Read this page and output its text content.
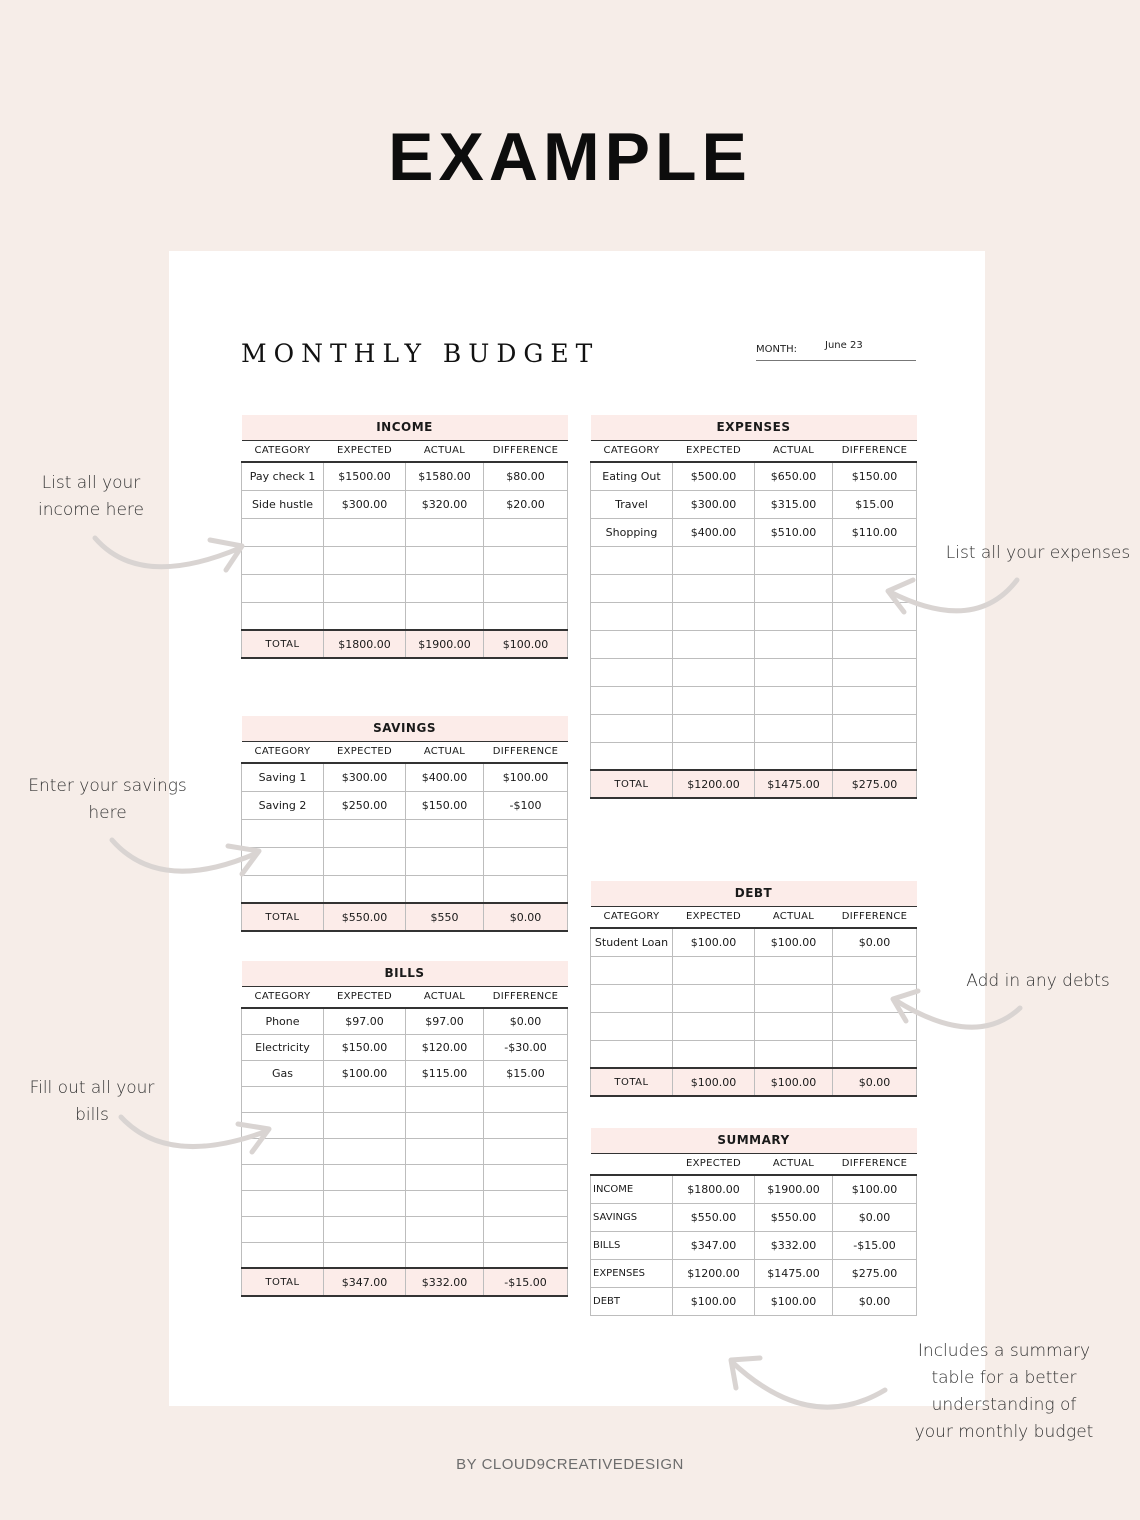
EXAMPLE
MONTHLY BUDGET	MONTH:	June 23
INCOME			
CATEGORY	EXPECTED	ACTUAL	DIFFERENCE
Pay check 1	$1500.00	$1580.00	$80.00
Side hustle	$300.00	$320.00	$20.00

TOTAL	$1800.00	$1900.00	$100.00
SAVINGS			
CATEGORY	EXPECTED	ACTUAL	DIFFERENCE
Saving 1	$300.00	$400.00	$100.00
Saving 2	$250.00	$150.00	-$100

TOTAL	$550.00	$550	$0.00
BILLS			
CATEGORY	EXPECTED	ACTUAL	DIFFERENCE
Phone	$97.00	$97.00	$0.00
Electricity	$150.00	$120.00	-$30.00
Gas	$100.00	$115.00	$15.00

TOTAL	$347.00	$332.00	-$15.00
EXPENSES			
CATEGORY	EXPECTED	ACTUAL	DIFFERENCE
Eating Out	$500.00	$650.00	$150.00
Travel	$300.00	$315.00	$15.00
Shopping	$400.00	$510.00	$110.00

TOTAL	$1200.00	$1475.00	$275.00
DEBT			
CATEGORY	EXPECTED	ACTUAL	DIFFERENCE
Student Loan	$100.00	$100.00	$0.00

TOTAL	$100.00	$100.00	$0.00
SUMMARY			
	EXPECTED	ACTUAL	DIFFERENCE
INCOME	$1800.00	$1900.00	$100.00
SAVINGS	$550.00	$550.00	$0.00
BILLS	$347.00	$332.00	-$15.00
EXPENSES	$1200.00	$1475.00	$275.00
DEBT	$100.00	$100.00	$0.00
List all your
income here
Enter your savings
here
Fill out all your
bills
List all your expenses
Add in any debts
Includes a summary
table for a better
understanding of
your monthly budget
BY CLOUD9CREATIVEDESIGN
